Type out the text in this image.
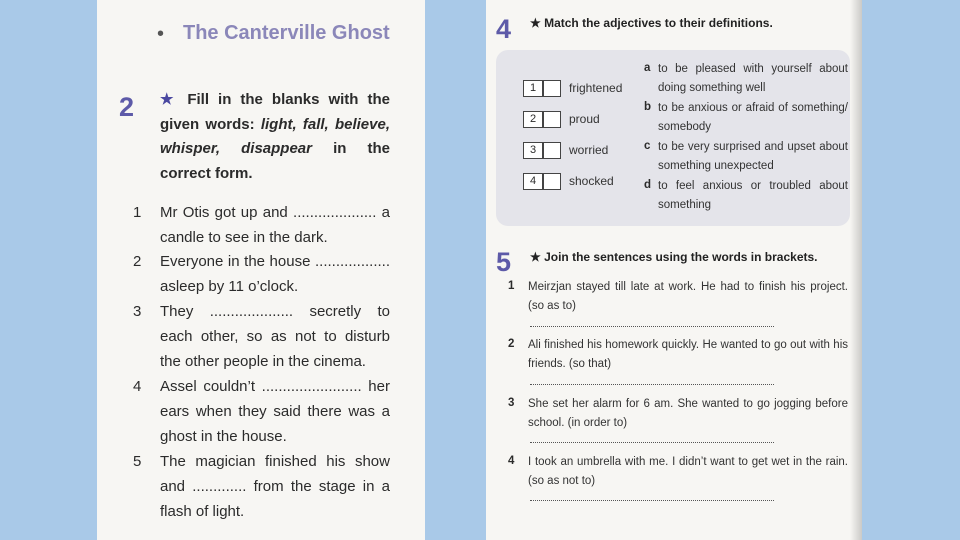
• The Canterville Ghost
2 ★ Fill in the blanks with the given words: light, fall, believe, whisper, disappear in the correct form.
1 Mr Otis got up and .................... a candle to see in the dark.
2 Everyone in the house .................. asleep by 11 o’clock.
3 They .................... secretly to each other, so as not to disturb the other people in the cinema.
4 Assel couldn’t ........................ her ears when they said there was a ghost in the house.
5 The magician finished his show and ............. from the stage in a flash of light.
4 ★ Match the adjectives to their definitions.
1	frightened
2	proud
3	worried
4	shocked
a to be pleased with yourself about doing something well
b to be anxious or afraid of something/ somebody
c to be very surprised and upset about something unexpected
d to feel anxious or troubled about something
5 ★ Join the sentences using the words in brackets.
1 Meirzjan stayed till late at work. He had to finish his project. (so as to)
2 Ali finished his homework quickly. He wanted to go out with his friends. (so that)
3 She set her alarm for 6 am. She wanted to go jogging before school. (in order to)
4 I took an umbrella with me. I didn’t want to get wet in the rain. (so as not to)
